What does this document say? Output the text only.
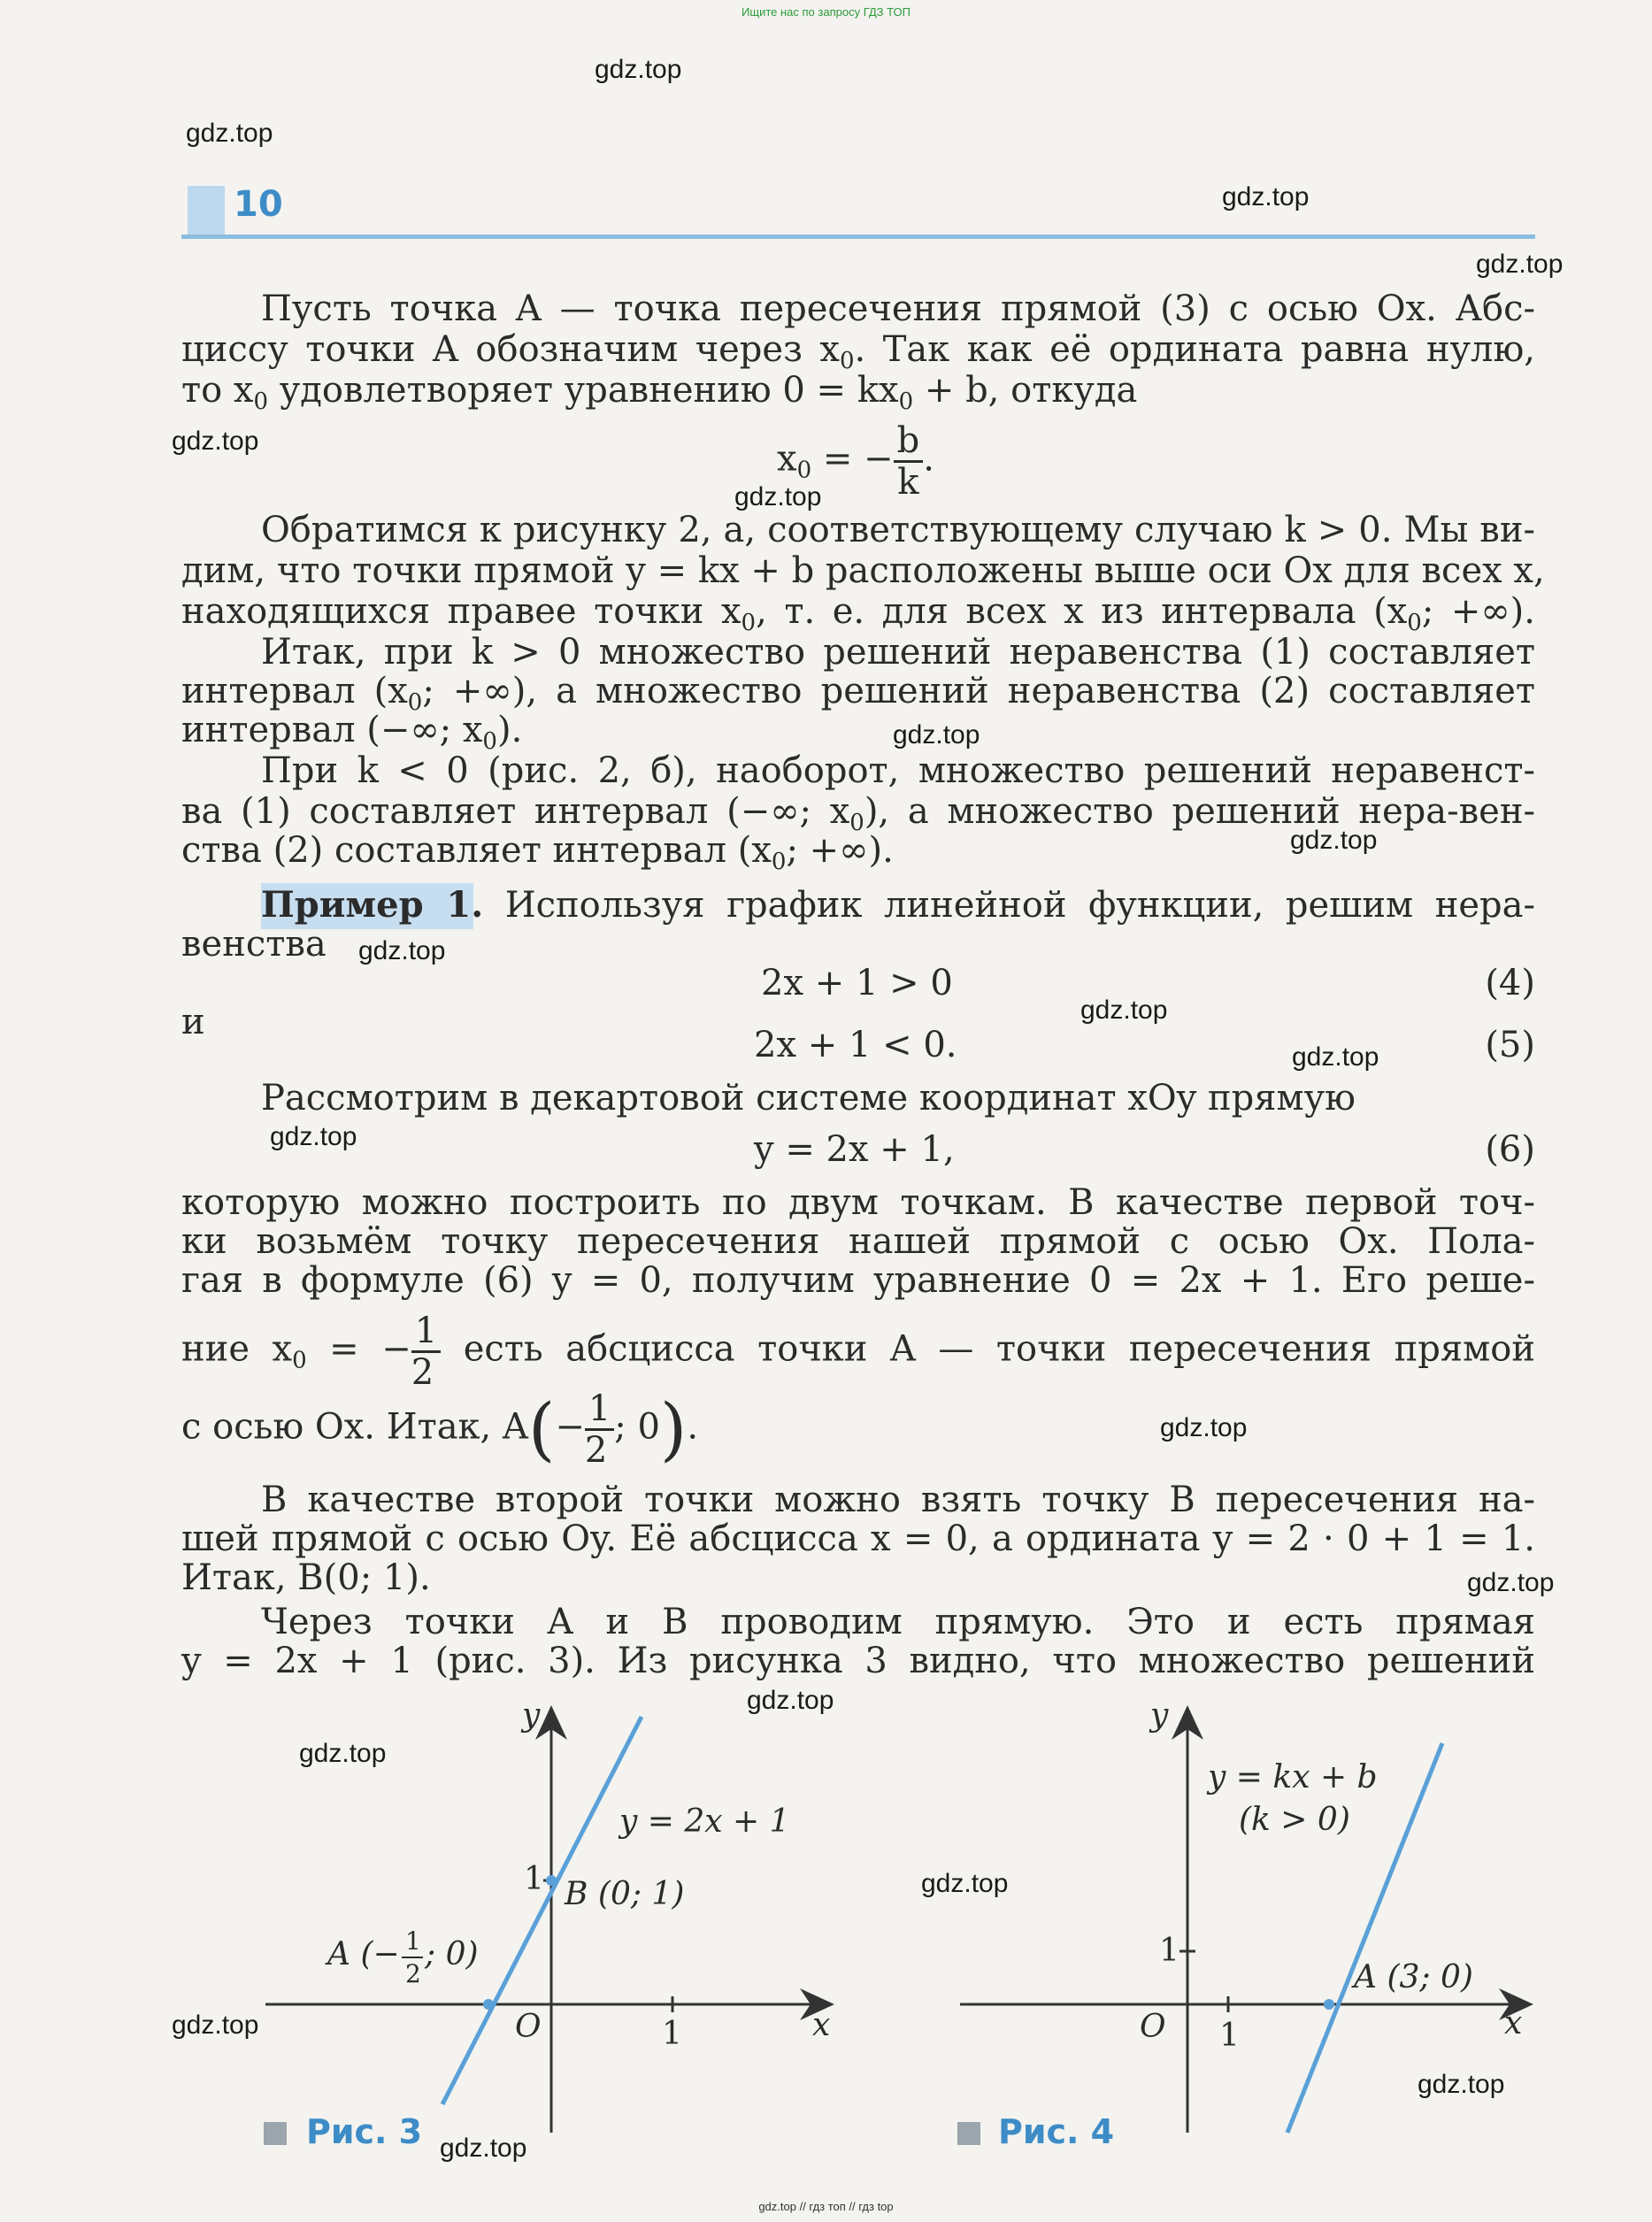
Ищите нас по запросу ГДЗ ТОП
10
gdz.top
gdz.top
gdz.top
gdz.top
gdz.top
gdz.top
gdz.top
gdz.top
gdz.top
gdz.top
gdz.top
gdz.top
gdz.top
gdz.top
gdz.top
gdz.top
gdz.top
gdz.top
gdz.top
gdz.top
Пусть точка A — точка пересечения прямой (3) с осью Ox. Абс-
циссу точки A обозначим через $x_0$. Так как её ордината равна нулю,
то $x_0$ удовлетворяет уравнению $0 = kx_0 + b$, откуда
$x_0$ = − $\frac{b}{k}$ .
Обратимся к рисунку 2, a, соответствующему случаю k > 0. Мы ви-
дим, что точки прямой y = kx + b расположены выше оси Ox для всех x,
находящихся правее точки $x_0$, т. е. для всех x из интервала ($x_0$; +∞).
Итак, при k > 0 множество решений неравенства (1) составляет
интервал ($x_0$; +∞), а множество решений неравенства (2) составляет
интервал (−∞; $x_0$).
При k < 0 (рис. 2, б), наоборот, множество решений неравенст-
ва (1) составляет интервал (−∞; $x_0$), а множество решений нера-вен-
ства (2) составляет интервал ($x_0$; +∞).
Пример 1. Используя график линейной функции, решим нера-
венства
2x + 1 > 0	(4)
и
2x + 1 < 0.	(5)
Рассмотрим в декартовой системе координат xOy прямую
y = 2x + 1,	(6)
которую можно построить по двум точкам. В качестве первой точ-
ки возьмём точку пересечения нашей прямой с осью Ox. Пола-
гая в формуле (6) y = 0, получим уравнение 0 = 2x + 1. Его реше-
ние $x_0$ = − $\frac{1}{2}$ есть абсцисса точки A — точки пересечения прямой
с осью Ox. Итак, $A(- \frac{1}{2}$ ; 0).
В качестве второй точки можно взять точку B пересечения на-
шей прямой с осью Oy. Её абсцисса x = 0, а ордината y = 2 · 0 + 1 = 1.
Итак, B(0; 1).
Через точки A и B проводим прямую. Это и есть прямая
y = 2x + 1 (рис. 3). Из рисунка 3 видно, что множество решений
y
x
O	1
1
y = 2x + 1
B (0; 1)
A (− 1
2
; 0)
Рис. 3
y
x
O 1
1
y = kx + b
(k > 0)
A (3; 0)
Рис. 4
gdz.top // гдз топ // гдз top
